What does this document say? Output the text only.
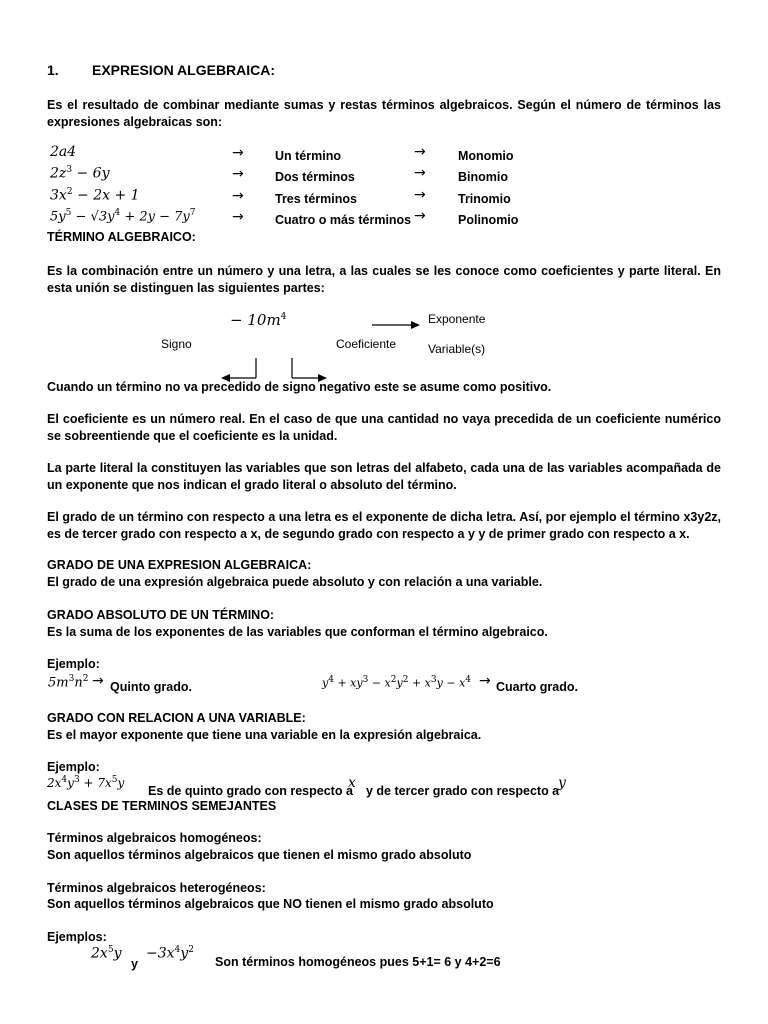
1. EXPRESION ALGEBRAICA:
Es el resultado de combinar mediante sumas y restas términos algebraicos. Según el número de términos las expresiones algebraicas son:
2a4
$2z^3 - 6y$
$3x^2 - 2x + 1$
$5y^5 - √3y^4 + 2y - 7y^7$
→
→
→
→
Un término
Dos términos
Tres términos
Cuatro o más términos
→
→
→
→
Monomio
Binomio
Trinomio
Polinomio
TÉRMINO ALGEBRAICO:
Es la combinación entre un número y una letra, a las cuales se les conoce como coeficientes y parte literal. En esta unión se distinguen las siguientes partes:
− $10m^4$
Signo	Coeficiente
Exponente
Variable(s)
Cuando un término no va precedido de signo negativo este se asume como positivo.
El coeficiente es un número real. En el caso de que una cantidad no vaya precedida de un coeficiente numérico se sobreentiende que el coeficiente es la unidad.
La parte literal la constituyen las variables que son letras del alfabeto, cada una de las variables acompañada de un exponente que nos indican el grado literal o absoluto del término.
El grado de un término con respecto a una letra es el exponente de dicha letra. Así, por ejemplo el término x3y2z, es de tercer grado con respecto a x, de segundo grado con respecto a y y de primer grado con respecto a x.
GRADO DE UNA EXPRESION ALGEBRAICA:
El grado de una expresión algebraica puede absoluto y con relación a una variable.
GRADO ABSOLUTO DE UN TÉRMINO:
Es la suma de los exponentes de las variables que conforman el término algebraico.
Ejemplo:
$5m^3n^2$ → Quinto grado.	$y^4 + xy^3 - x^2y^2 + x^3y - x^4$ → Cuarto grado.
GRADO CON RELACION A UNA VARIABLE:
Es el mayor exponente que tiene una variable en la expresión algebraica.
Ejemplo:
$2x^4y^3 + 7x^5y$
Es de quinto grado con respecto a
x y de tercer grado con respecto a
y
CLASES DE TERMINOS SEMEJANTES
Términos algebraicos homogéneos:
Son aquellos términos algebraicos que tienen el mismo grado absoluto
Términos algebraicos heterogéneos:
Son aquellos términos algebraicos que NO tienen el mismo grado absoluto
Ejemplos:
$2x^5y$
y
$-3x^4y^2$
Son términos homogéneos pues 5+1= 6 y 4+2=6
